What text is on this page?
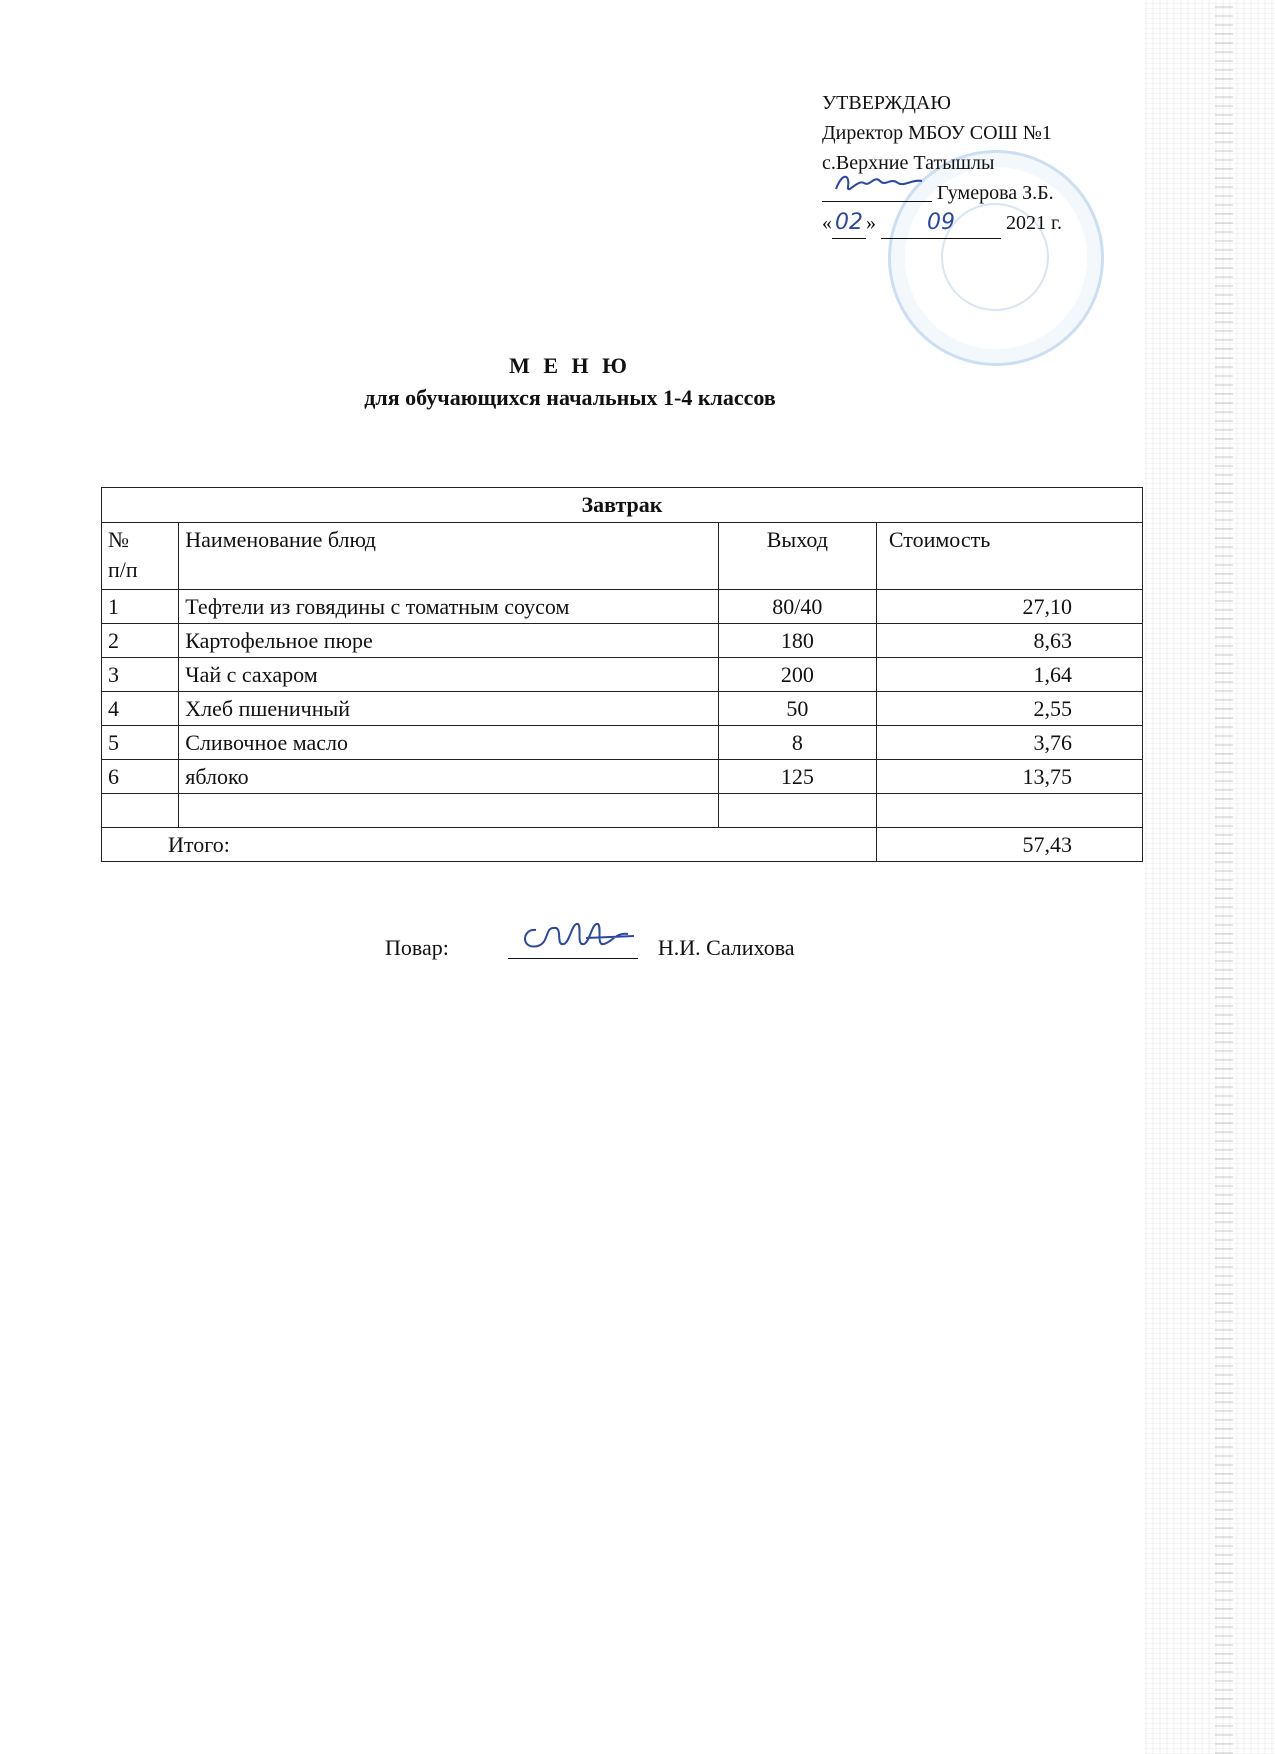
УТВЕРЖДАЮ
Директор МБОУ СОШ №1
с.Верхние Татышлы
Гумерова З.Б.
« 02 » 09	2021 г.
М Е Н Ю
для обучающихся начальных 1-4 классов
Завтрак			

№
п/п	Наименование блюд	Выход	Стоимость
1	Тефтели из говядины с томатным соусом	80/40	27,10
2	Картофельное пюре	180	8,63
3	Чай с сахаром	200	1,64
4	Хлеб пшеничный	50	2,55
5	Сливочное масло	8	3,76
6	яблоко	125	13,75

Итого:			57,43
Повар:	Н.И. Салихова
